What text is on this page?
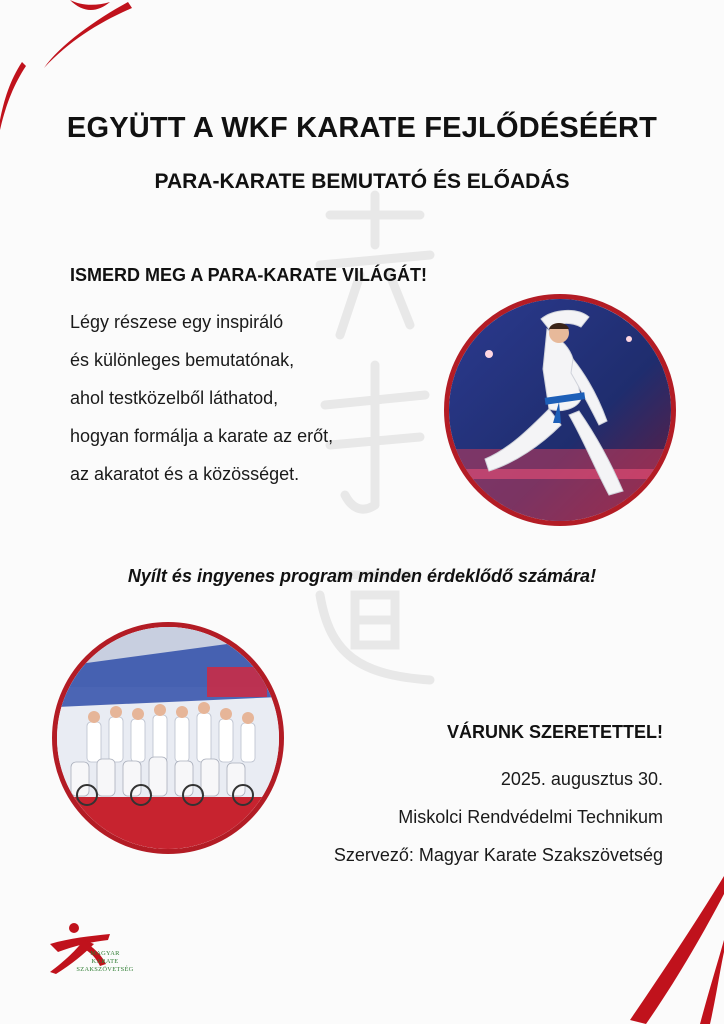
EGYÜTT A WKF KARATE FEJLŐDÉSÉÉRT
PARA-KARATE BEMUTATÓ ÉS ELŐADÁS
ISMERD MEG A PARA-KARATE VILÁGÁT!
Légy részese egy inspiráló
és különleges bemutatónak,
ahol testközelből láthatod,
hogyan formálja a karate az erőt,
az akaratot és a közösséget.

Nyílt és ingyenes program minden érdeklődő számára!

VÁRUNK SZERETETTEL!
2025. augusztus 30.
Miskolci Rendvédelmi Technikum
Szervező: Magyar Karate Szakszövetség
MAGYAR
KARATE
SZAKSZÖVETSÉG
